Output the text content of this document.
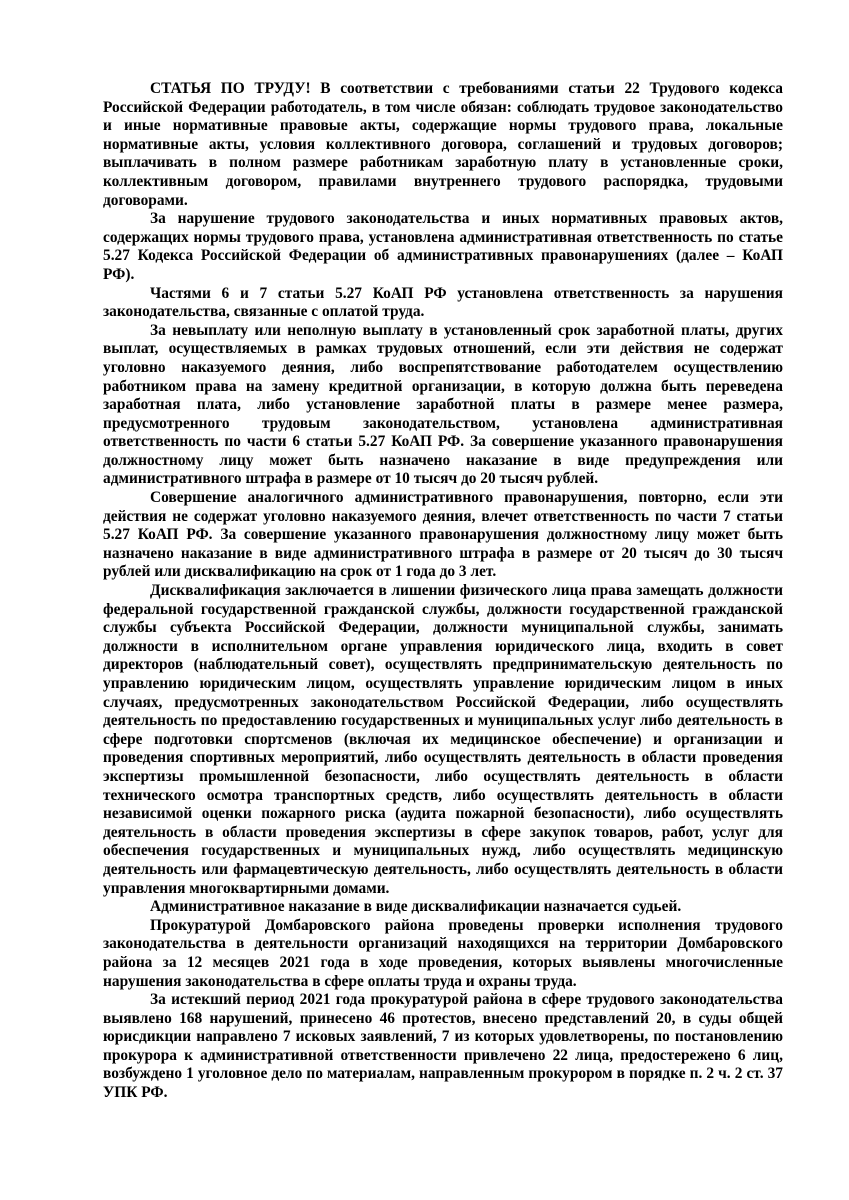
СТАТЬЯ ПО ТРУДУ! В соответствии с требованиями статьи 22 Трудового кодекса Российской Федерации работодатель, в том числе обязан: соблюдать трудовое законодательство и иные нормативные правовые акты, содержащие нормы трудового права, локальные нормативные акты, условия коллективного договора, соглашений и трудовых договоров; выплачивать в полном размере работникам заработную плату в установленные сроки, коллективным договором, правилами внутреннего трудового распорядка, трудовыми договорами.

За нарушение трудового законодательства и иных нормативных правовых актов, содержащих нормы трудового права, установлена административная ответственность по статье 5.27 Кодекса Российской Федерации об административных правонарушениях (далее – КоАП РФ).

Частями 6 и 7 статьи 5.27 КоАП РФ установлена ответственность за нарушения законодательства, связанные с оплатой труда.

За невыплату или неполную выплату в установленный срок заработной платы, других выплат, осуществляемых в рамках трудовых отношений, если эти действия не содержат уголовно наказуемого деяния, либо воспрепятствование работодателем осуществлению работником права на замену кредитной организации, в которую должна быть переведена заработная плата, либо установление заработной платы в размере менее размера, предусмотренного трудовым законодательством, установлена административная ответственность по части 6 статьи 5.27 КоАП РФ. За совершение указанного правонарушения должностному лицу может быть назначено наказание в виде предупреждения или административного штрафа в размере от 10 тысяч до 20 тысяч рублей.

Совершение аналогичного административного правонарушения, повторно, если эти действия не содержат уголовно наказуемого деяния, влечет ответственность по части 7 статьи 5.27 КоАП РФ. За совершение указанного правонарушения должностному лицу может быть назначено наказание в виде административного штрафа в размере от 20 тысяч до 30 тысяч рублей или дисквалификацию на срок от 1 года до 3 лет.

Дисквалификация заключается в лишении физического лица права замещать должности федеральной государственной гражданской службы, должности государственной гражданской службы субъекта Российской Федерации, должности муниципальной службы, занимать должности в исполнительном органе управления юридического лица, входить в совет директоров (наблюдательный совет), осуществлять предпринимательскую деятельность по управлению юридическим лицом, осуществлять управление юридическим лицом в иных случаях, предусмотренных законодательством Российской Федерации, либо осуществлять деятельность по предоставлению государственных и муниципальных услуг либо деятельность в сфере подготовки спортсменов (включая их медицинское обеспечение) и организации и проведения спортивных мероприятий, либо осуществлять деятельность в области проведения экспертизы промышленной безопасности, либо осуществлять деятельность в области технического осмотра транспортных средств, либо осуществлять деятельность в области независимой оценки пожарного риска (аудита пожарной безопасности), либо осуществлять деятельность в области проведения экспертизы в сфере закупок товаров, работ, услуг для обеспечения государственных и муниципальных нужд, либо осуществлять медицинскую деятельность или фармацевтическую деятельность, либо осуществлять деятельность в области управления многоквартирными домами.

Административное наказание в виде дисквалификации назначается судьей.

Прокуратурой Домбаровского района проведены проверки исполнения трудового законодательства в деятельности организаций находящихся на территории Домбаровского района за 12 месяцев 2021 года в ходе проведения, которых выявлены многочисленные нарушения законодательства в сфере оплаты труда и охраны труда.

За истекший период 2021 года прокуратурой района в сфере трудового законодательства выявлено 168 нарушений, принесено 46 протестов, внесено представлений 20, в суды общей юрисдикции направлено 7 исковых заявлений, 7 из которых удовлетворены, по постановлению прокурора к административной ответственности привлечено 22 лица, предостережено 6 лиц, возбуждено 1 уголовное дело по материалам, направленным прокурором в порядке п. 2 ч. 2 ст. 37 УПК РФ.
